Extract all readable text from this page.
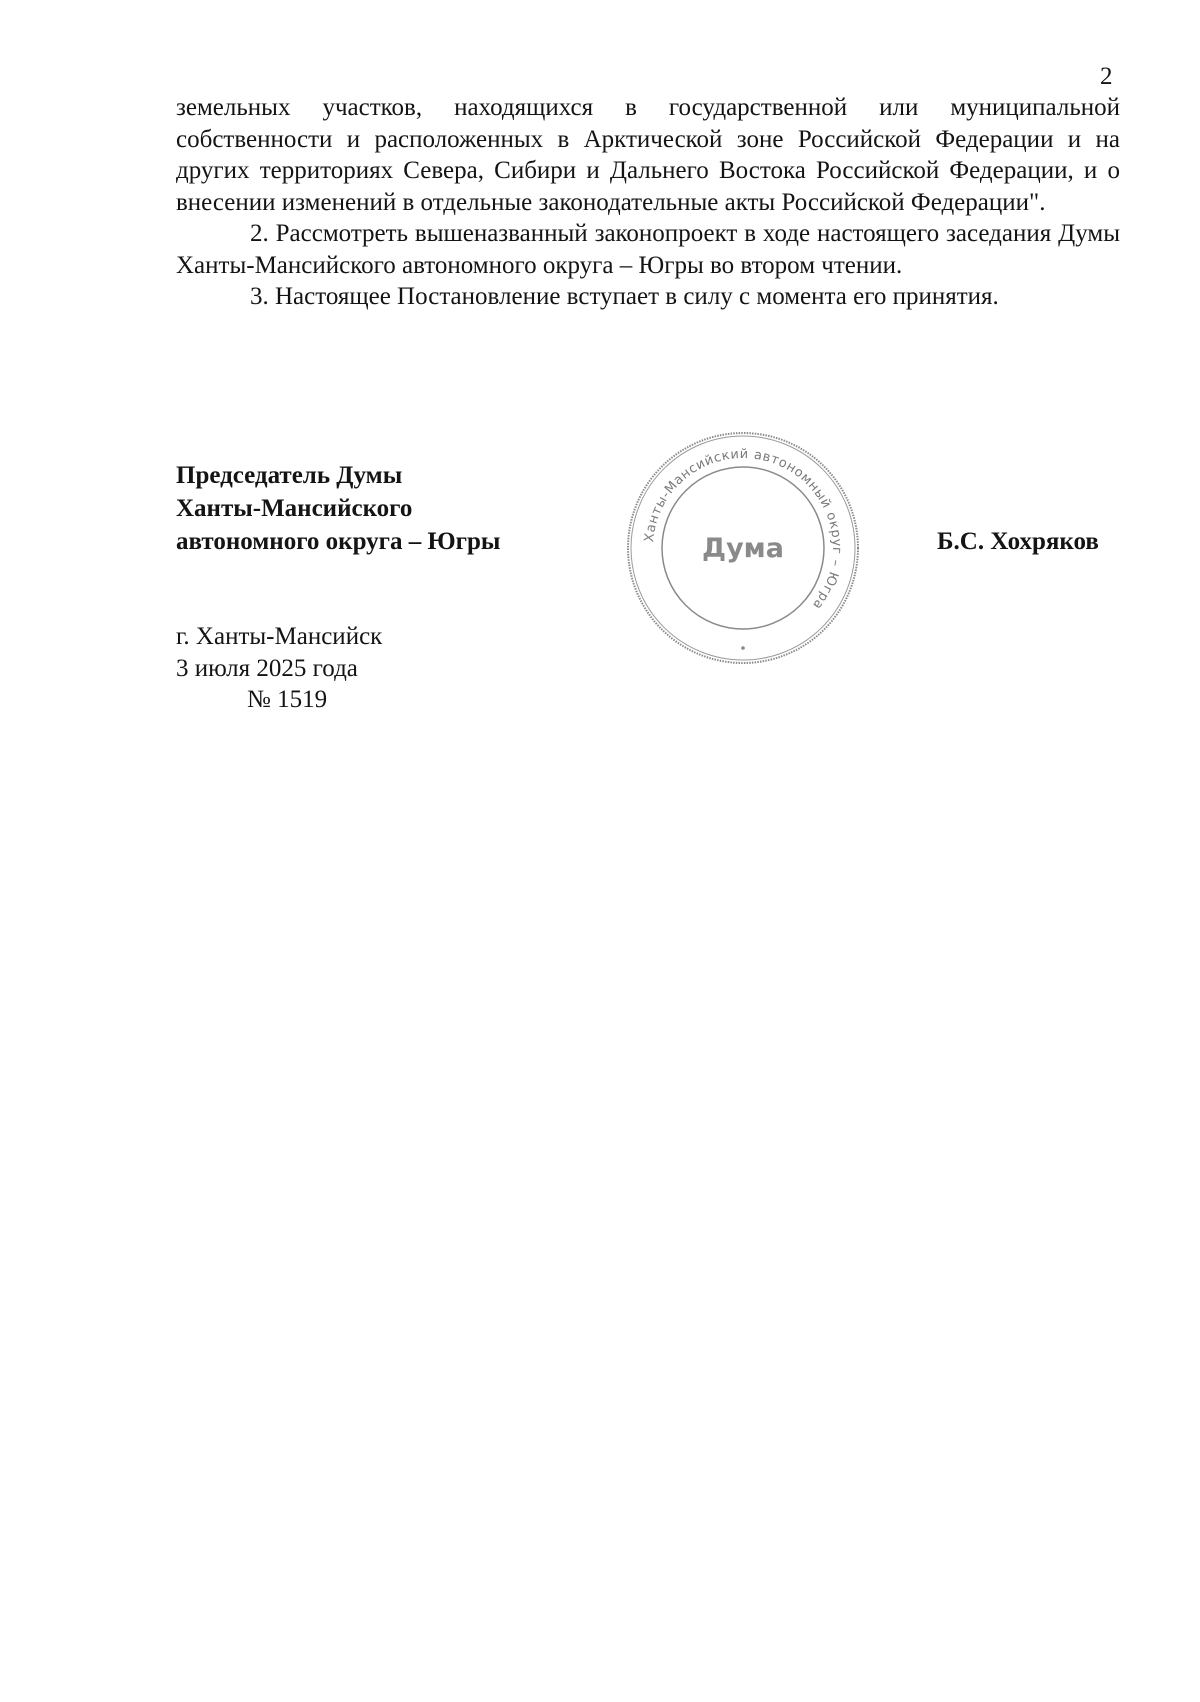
2

земельных участков, находящихся в государственной или муниципальной собственности и расположенных в Арктической зоне Российской Федерации и на других территориях Севера, Сибири и Дальнего Востока Российской Федерации, и о внесении изменений в отдельные законодательные акты Российской Федерации".

2. Рассмотреть вышеназванный законопроект в ходе настоящего заседания Думы Ханты-Мансийского автономного округа – Югры во втором чтении.

3. Настоящее Постановление вступает в силу с момента его принятия.

Председатель Думы
Ханты-Мансийского
автономного округа – Югры	Б.С. Хохряков
Ханты-Мансийский автономный округ – Югра
Дума
г. Ханты-Мансийск
3 июля 2025 года
№ 1519
